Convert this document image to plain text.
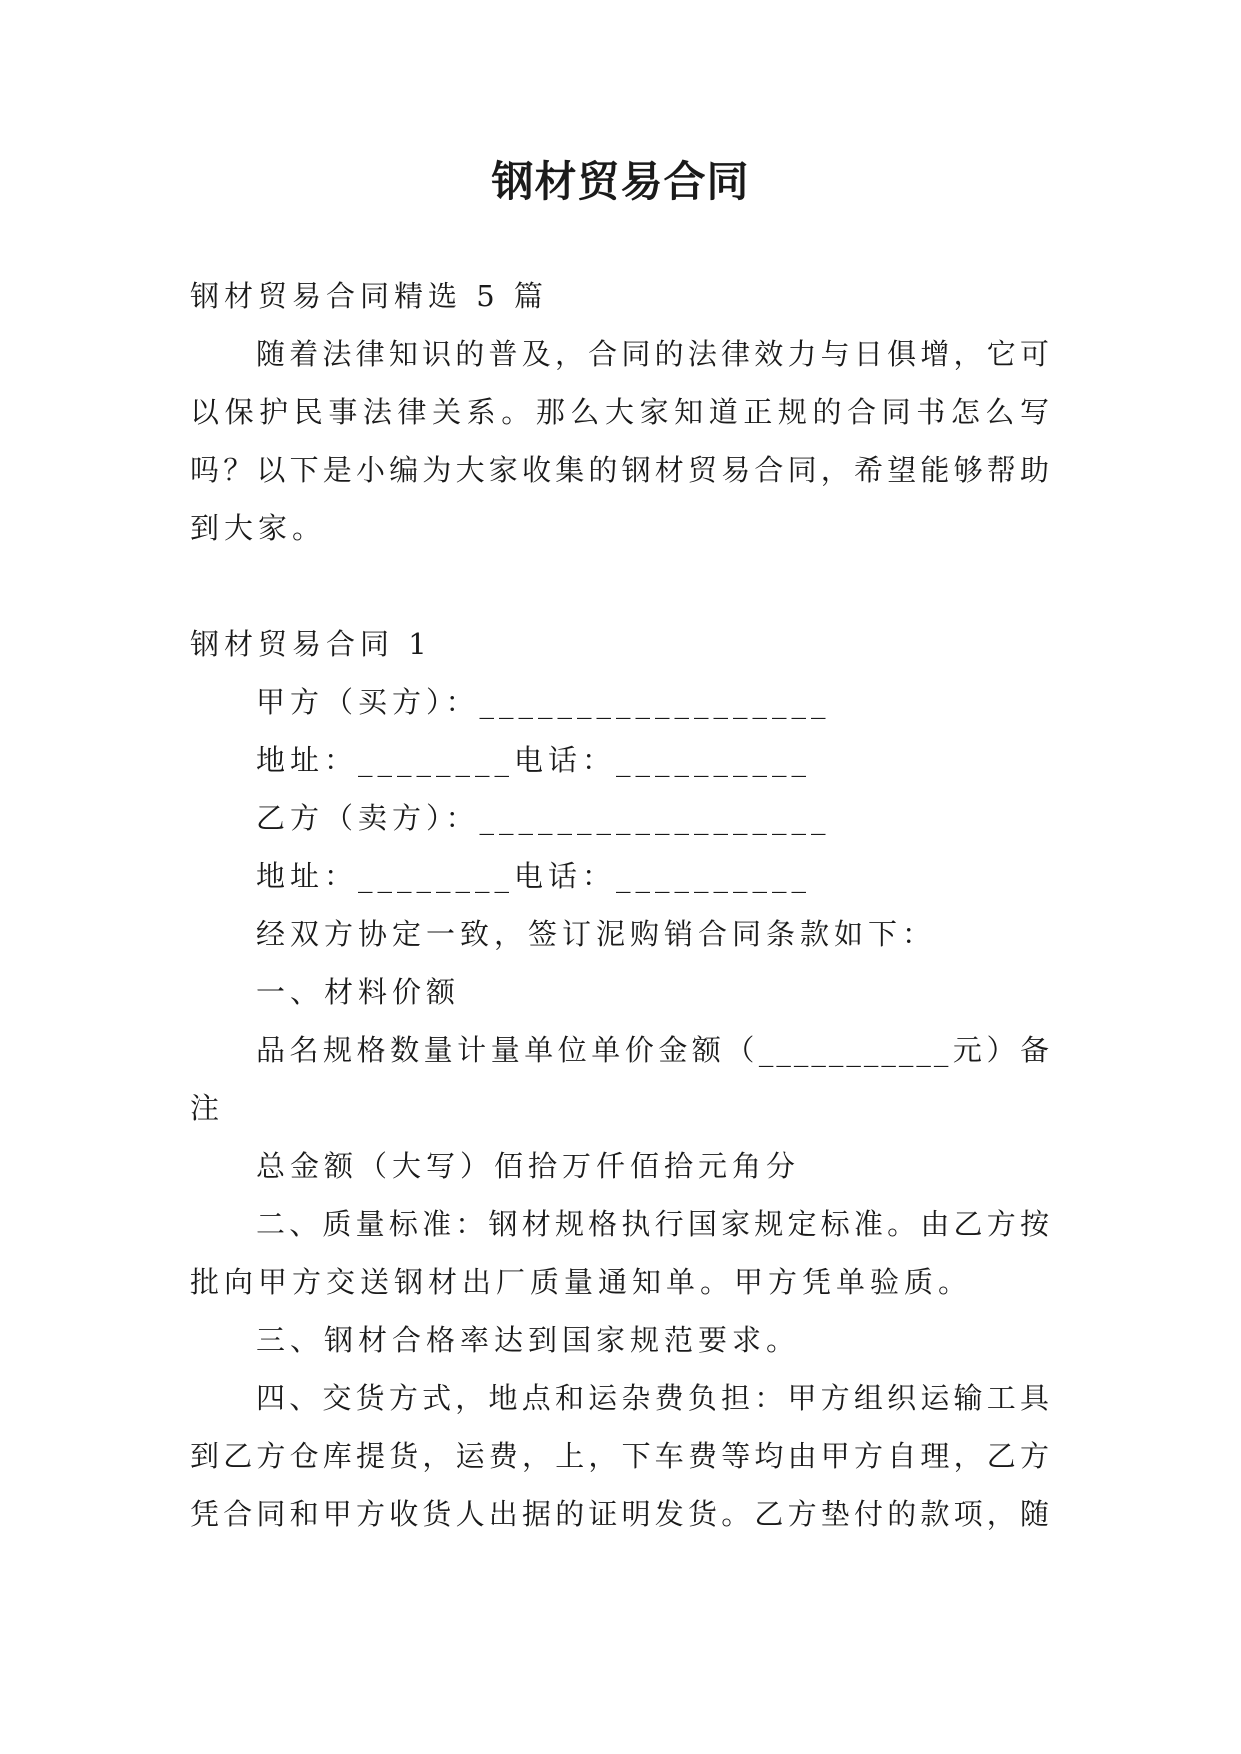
钢材贸易合同
钢材贸易合同精选 5 篇
随着法律知识的普及，合同的法律效力与日俱增，它可
以保护民事法律关系。那么大家知道正规的合同书怎么写
吗？以下是小编为大家收集的钢材贸易合同，希望能够帮助
到大家。
钢材贸易合同 1
甲方（买方）：__________________
地址：________电话：__________
乙方（卖方）：__________________
地址：________电话：__________
经双方协定一致，签订泥购销合同条款如下：
一、材料价额
品名规格数量计量单位单价金额（___________元）备
注
总金额（大写）佰拾万仟佰拾元角分
二、质量标准：钢材规格执行国家规定标准。由乙方按
批向甲方交送钢材出厂质量通知单。甲方凭单验质。
三、钢材合格率达到国家规范要求。
四、交货方式，地点和运杂费负担：甲方组织运输工具
到乙方仓库提货，运费，上，下车费等均由甲方自理，乙方
凭合同和甲方收货人出据的证明发货。乙方垫付的款项，随
